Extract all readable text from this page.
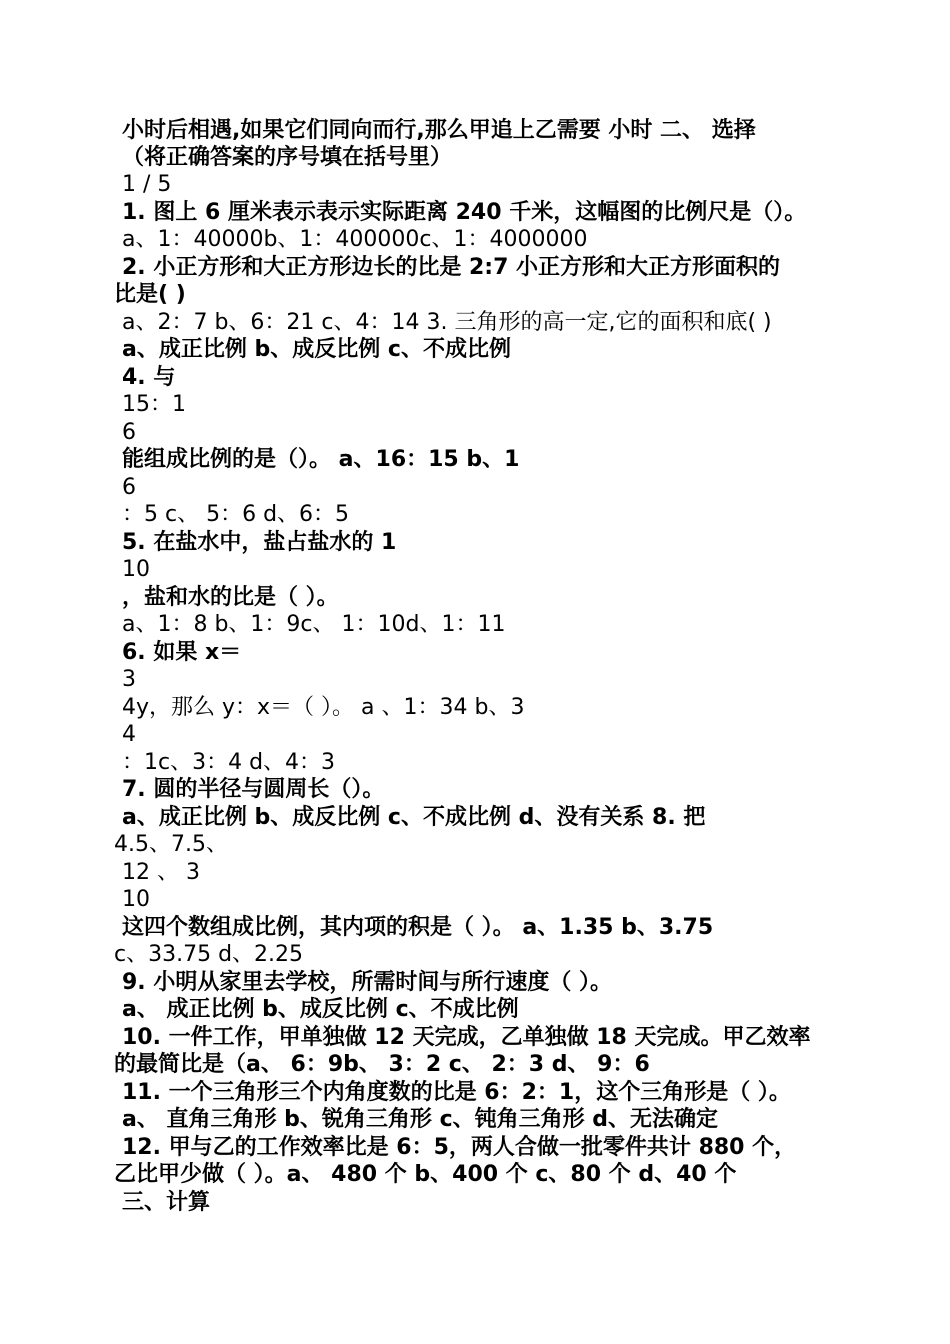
小时后相遇,如果它们同向而行,那么甲追上乙需要 小时 二、 选择
（将正确答案的序号填在括号里）
1 / 5
1. 图上 6 厘米表示表示实际距离 240 千米，这幅图的比例尺是（）。
a、1：40000b、1：400000c、1：4000000
2. 小正方形和大正方形边长的比是 2:7 小正方形和大正方形面积的
比是( )
a、2：7 b、6：21 c、4：14 3. 三角形的高一定,它的面积和底( )
a、成正比例 b、成反比例 c、不成比例
4. 与
15：1
6
能组成比例的是（）。 a、16：15 b、1
6
：5 c、 5：6 d、6：5
5. 在盐水中，盐占盐水的 1
10
，盐和水的比是（ ）。
a、1：8 b、1：9c、 1：10d、1：11
6. 如果 x＝
3
4y，那么 y：x＝（ ）。 a 、1：34 b、3
4
：1c、3：4 d、4：3
7. 圆的半径与圆周长（）。
a、成正比例 b、成反比例 c、不成比例 d、没有关系 8. 把
4.5、7.5、
12 、 3
10
这四个数组成比例，其内项的积是（ ）。 a、1.35 b、3.75
c、33.75 d、2.25
9. 小明从家里去学校，所需时间与所行速度（ ）。
a、 成正比例 b、成反比例 c、不成比例
10. 一件工作，甲单独做 12 天完成，乙单独做 18 天完成。甲乙效率
的最简比是（a、 6：9b、 3：2 c、 2：3 d、 9：6
11. 一个三角形三个内角度数的比是 6：2：1，这个三角形是（ ）。
a、 直角三角形 b、锐角三角形 c、钝角三角形 d、无法确定
12. 甲与乙的工作效率比是 6：5，两人合做一批零件共计 880 个，
乙比甲少做（ ）。a、 480 个 b、400 个 c、80 个 d、40 个
三、计算
